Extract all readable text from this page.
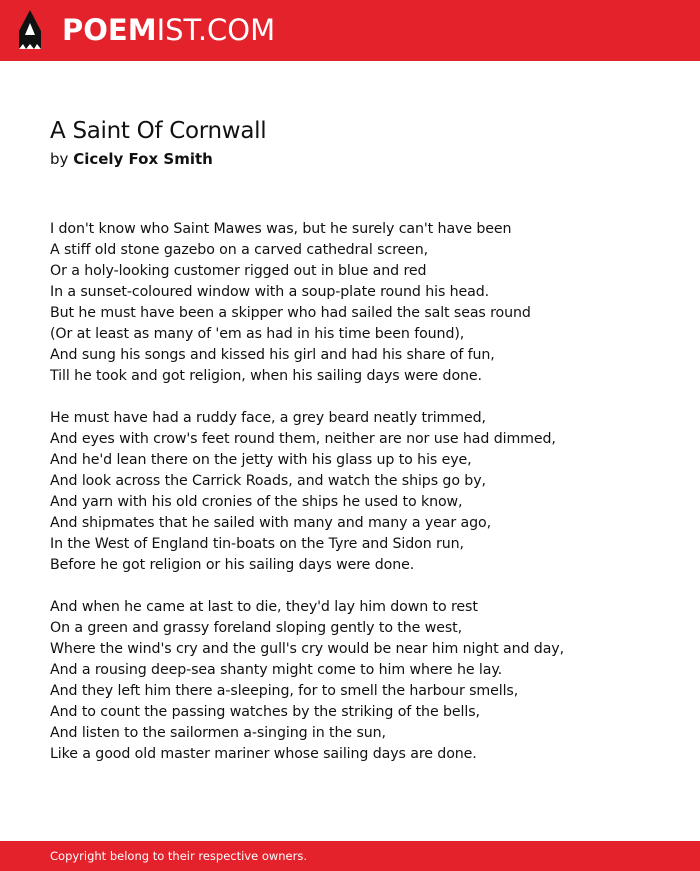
POEMIST.COM
A Saint Of Cornwall
by Cicely Fox Smith
I don't know who Saint Mawes was, but he surely can't have been
A stiff old stone gazebo on a carved cathedral screen,
Or a holy-looking customer rigged out in blue and red
In a sunset-coloured window with a soup-plate round his head.
But he must have been a skipper who had sailed the salt seas round
(Or at least as many of 'em as had in his time been found),
And sung his songs and kissed his girl and had his share of fun,
Till he took and got religion, when his sailing days were done.
He must have had a ruddy face, a grey beard neatly trimmed,
And eyes with crow's feet round them, neither are nor use had dimmed,
And he'd lean there on the jetty with his glass up to his eye,
And look across the Carrick Roads, and watch the ships go by,
And yarn with his old cronies of the ships he used to know,
And shipmates that he sailed with many and many a year ago,
In the West of England tin-boats on the Tyre and Sidon run,
Before he got religion or his sailing days were done.
And when he came at last to die, they'd lay him down to rest
On a green and grassy foreland sloping gently to the west,
Where the wind's cry and the gull's cry would be near him night and day,
And a rousing deep-sea shanty might come to him where he lay.
And they left him there a-sleeping, for to smell the harbour smells,
And to count the passing watches by the striking of the bells,
And listen to the sailormen a-singing in the sun,
Like a good old master mariner whose sailing days are done.
Copyright belong to their respective owners.
